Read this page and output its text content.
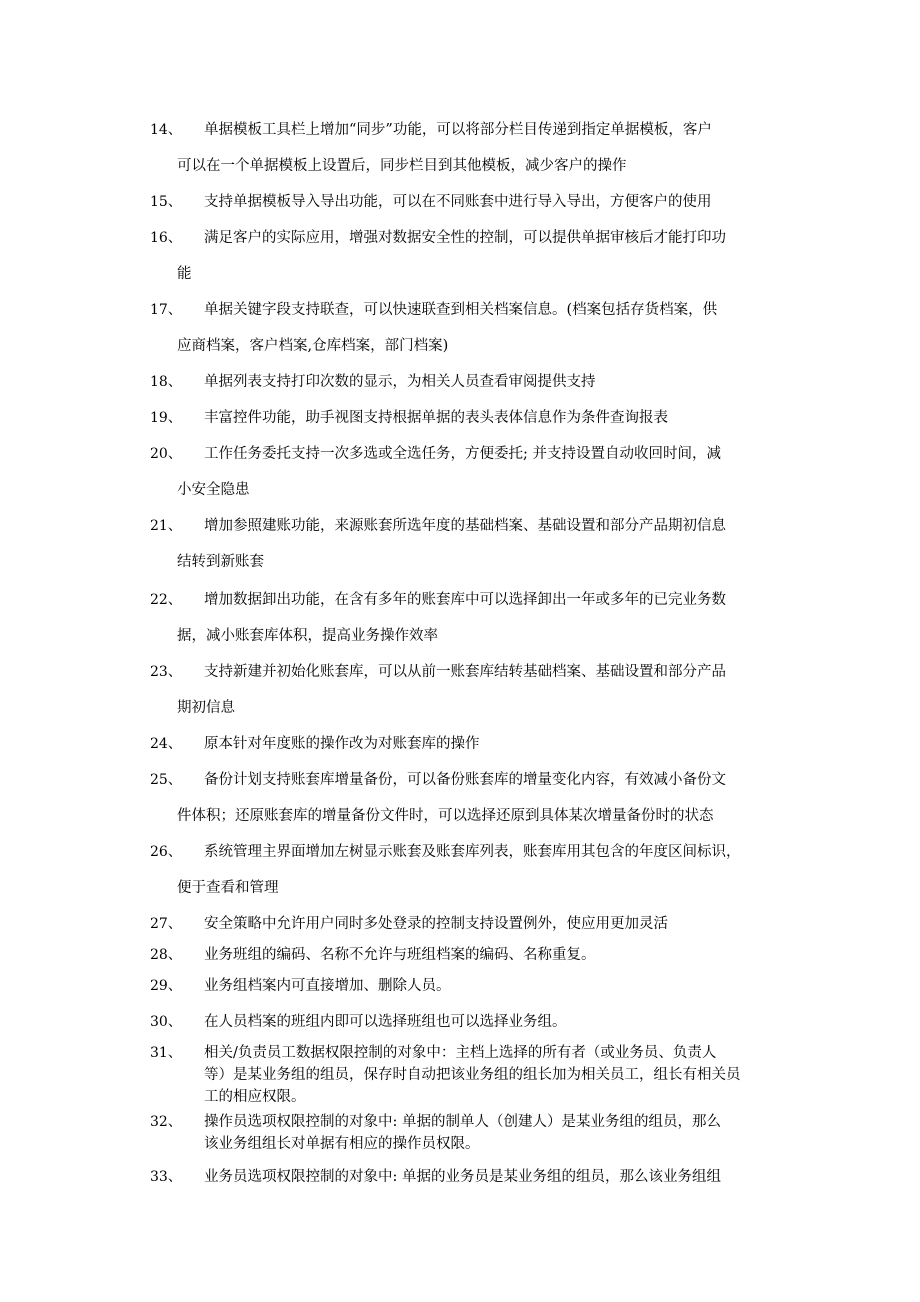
14、 单据模板工具栏上增加“同步”功能，可以将部分栏目传递到指定单据模板，客户
可以在一个单据模板上设置后，同步栏目到其他模板，减少客户的操作
15、 支持单据模板导入导出功能，可以在不同账套中进行导入导出，方便客户的使用
16、 满足客户的实际应用，增强对数据安全性的控制，可以提供单据审核后才能打印功
能
17、 单据关键字段支持联查，可以快速联查到相关档案信息。(档案包括存货档案，供
应商档案，客户档案,仓库档案，部门档案)
18、 单据列表支持打印次数的显示，为相关人员查看审阅提供支持
19、 丰富控件功能，助手视图支持根据单据的表头表体信息作为条件查询报表
20、 工作任务委托支持一次多选或全选任务，方便委托; 并支持设置自动收回时间，减
小安全隐患
21、 增加参照建账功能，来源账套所选年度的基础档案、基础设置和部分产品期初信息
结转到新账套
22、 增加数据卸出功能，在含有多年的账套库中可以选择卸出一年或多年的已完业务数
据，减小账套库体积，提高业务操作效率
23、 支持新建并初始化账套库，可以从前一账套库结转基础档案、基础设置和部分产品
期初信息
24、 原本针对年度账的操作改为对账套库的操作
25、 备份计划支持账套库增量备份，可以备份账套库的增量变化内容，有效减小备份文
件体积；还原账套库的增量备份文件时，可以选择还原到具体某次增量备份时的状态
26、 系统管理主界面增加左树显示账套及账套库列表，账套库用其包含的年度区间标识，
便于查看和管理
27、 安全策略中允许用户同时多处登录的控制支持设置例外，使应用更加灵活
28、 业务班组的编码、名称不允许与班组档案的编码、名称重复。
29、 业务组档案内可直接增加、删除人员。
30、 在人员档案的班组内即可以选择班组也可以选择业务组。
31、 相关/负责员工数据权限控制的对象中：主档上选择的所有者（或业务员、负责人
等）是某业务组的组员，保存时自动把该业务组的组长加为相关员工，组长有相关员
工的相应权限。
32、 操作员选项权限控制的对象中: 单据的制单人（创建人）是某业务组的组员，那么
该业务组组长对单据有相应的操作员权限。
33、 业务员选项权限控制的对象中: 单据的业务员是某业务组的组员，那么该业务组组
